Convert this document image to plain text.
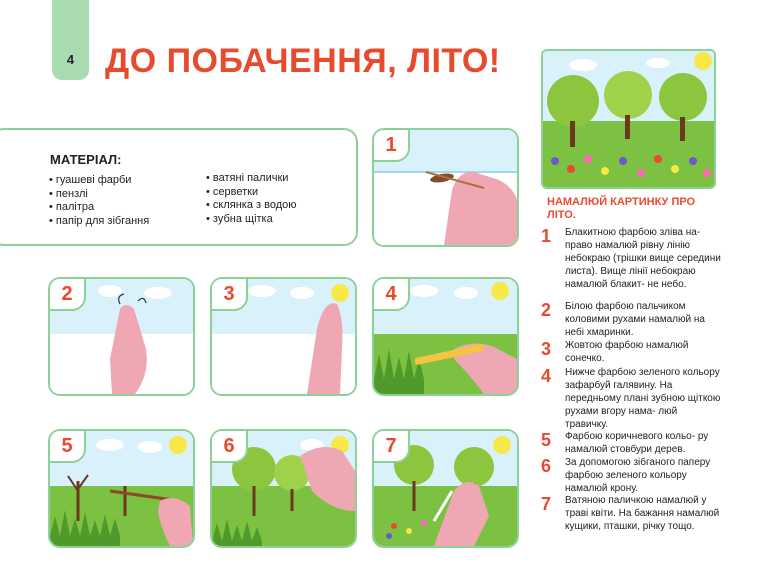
4 ДО ПОБАЧЕННЯ, ЛІТО!

МАТЕРІАЛ:

• гуашеві фарби
• пензлі
• палітра
• папір для зібгання
• ватяні палички
• серветки
• склянка з водою
• зубна щітка
1
2	3	4
5	6	7

НАМАЛЮЙ КАРТИНКУ ПРО ЛІТО.

1 Блакитною фарбою зліва на- право намалюй рівну лінію небокраю (трішки вище середини листа). Вище лінії небокраю намалюй блакит- не небо.
2 Білою фарбою пальчиком коловими рухами намалюй на небі хмаринки.
3 Жовтою фарбою намалюй сонечко.
4 Нижче фарбою зеленого кольору зафарбуй галявину. На передньому плані зубною щіткою рухами вгору нама- люй травичку.
5 Фарбою коричневого кольо- ру намалюй стовбури дерев.
6 За допомогою зібганого паперу фарбою зеленого кольору намалюй крону.
7 Ватяною паличкою намалюй у траві квіти. На бажання намалюй кущики, пташки, річку тощо.
